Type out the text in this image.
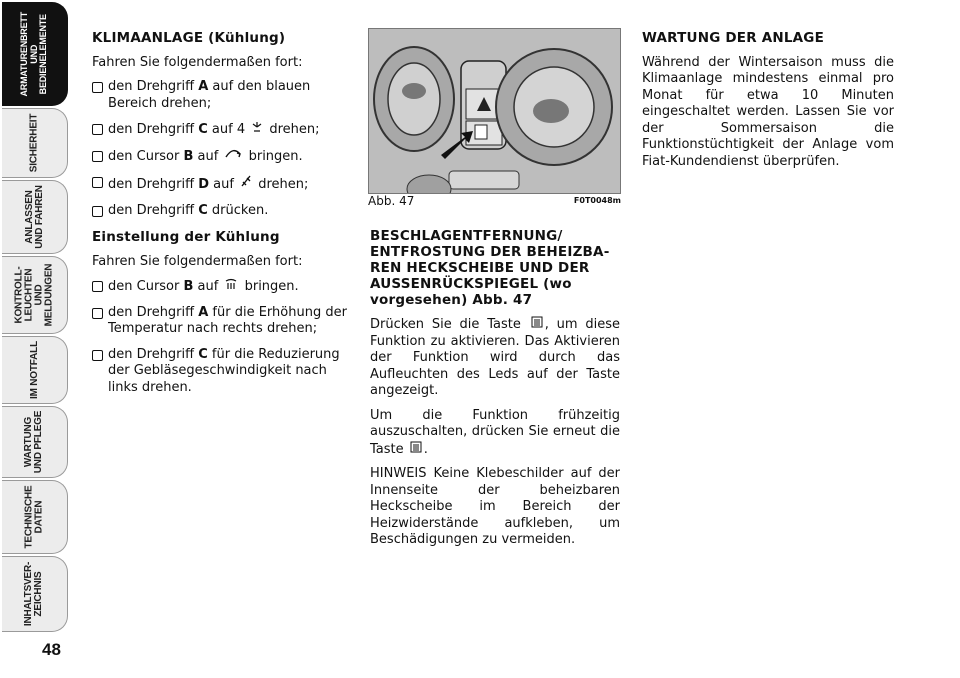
ARMATURENBRETT
UND
BEDIENELEMENTE
SICHERHEIT
ANLASSEN
UND FAHREN
KONTROLL-
LEUCHTEN UND
MELDUNGEN
IM NOTFALL
WARTUNG
UND PFLEGE
TECHNISCHE
DATEN
INHALTSVER-
ZEICHNIS
48
KLIMAANLAGE (Kühlung)

Fahren Sie folgendermaßen fort:

den Drehgriff A auf den blauen Bereich drehen;
den Drehgriff C auf 4  drehen;
den Cursor B auf  bringen.
den Drehgriff D auf  drehen;
den Drehgriff C drücken.
Einstellung der Kühlung

Fahren Sie folgendermaßen fort:

den Cursor B auf  bringen.
den Drehgriff A für die Erhöhung der Temperatur nach rechts drehen;
den Drehgriff C für die Reduzierung der Gebläsegeschwindigkeit nach links drehen.
Abb. 47	F0T0048m
BESCHLAGENTFERNUNG/ ENTFROSTUNG DER BEHEIZBA- REN HECKSCHEIBE UND DER AUSSENRÜCKSPIEGEL (wo vorgesehen) Abb. 47

Drücken Sie die Taste , um diese Funktion zu aktivieren. Das Aktivieren der Funktion wird durch das Aufleuchten des Leds auf der Taste angezeigt.

Um die Funktion frühzeitig auszuschalten, drücken Sie erneut die Taste .

HINWEIS Keine Klebeschilder auf der Innenseite der beheizbaren Heckscheibe im Bereich der Heizwiderstände aufkleben, um Beschädigungen zu vermeiden.

WARTUNG DER ANLAGE

Während der Wintersaison muss die Klimaanlage mindestens einmal pro Monat für etwa 10 Minuten eingeschaltet werden. Lassen Sie vor der Sommersaison die Funktionstüchtigkeit der Anlage vom Fiat-Kundendienst überprüfen.
